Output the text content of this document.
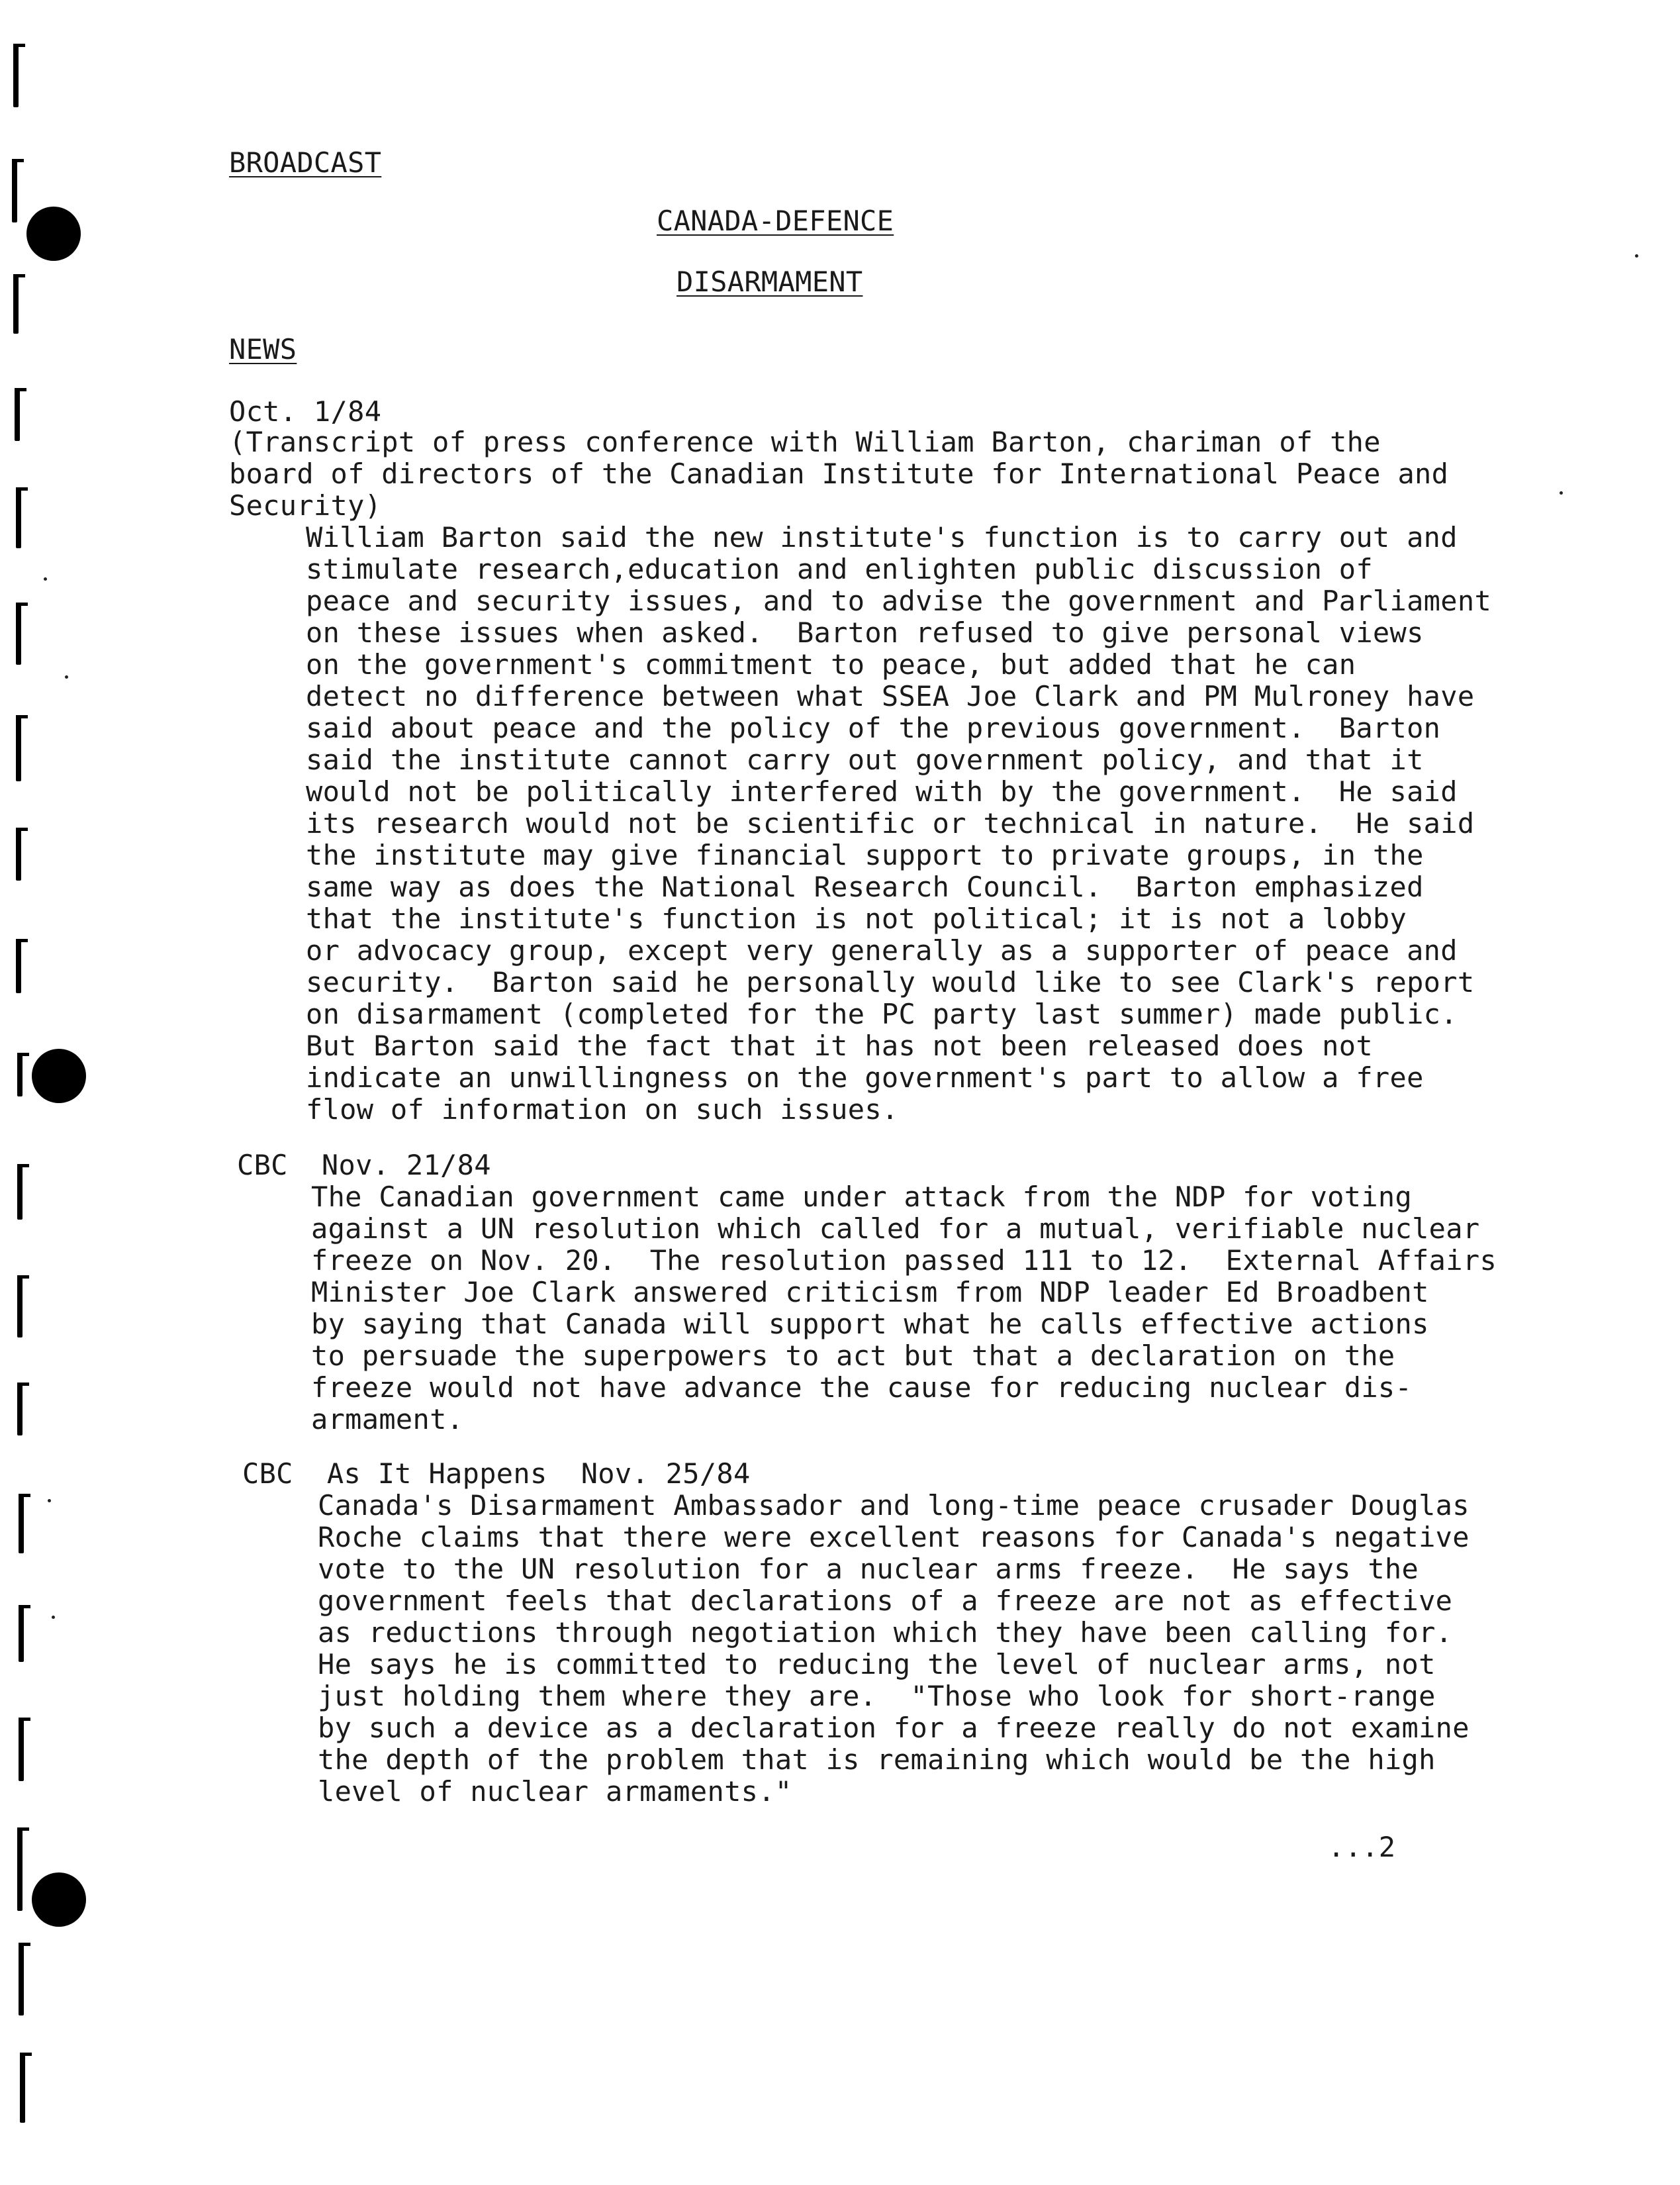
BROADCAST
CANADA-DEFENCE
DISARMAMENT
NEWS
Oct. 1/84
(Transcript of press conference with William Barton, chariman of the
board of directors of the Canadian Institute for International Peace and
Security)
William Barton said the new institute's function is to carry out and
stimulate research,education and enlighten public discussion of
peace and security issues, and to advise the government and Parliament
on these issues when asked.  Barton refused to give personal views
on the government's commitment to peace, but added that he can
detect no difference between what SSEA Joe Clark and PM Mulroney have
said about peace and the policy of the previous government.  Barton
said the institute cannot carry out government policy, and that it
would not be politically interfered with by the government.  He said
its research would not be scientific or technical in nature.  He said
the institute may give financial support to private groups, in the
same way as does the National Research Council.  Barton emphasized
that the institute's function is not political; it is not a lobby
or advocacy group, except very generally as a supporter of peace and
security.  Barton said he personally would like to see Clark's report
on disarmament (completed for the PC party last summer) made public.
But Barton said the fact that it has not been released does not
indicate an unwillingness on the government's part to allow a free
flow of information on such issues.
CBC  Nov. 21/84
The Canadian government came under attack from the NDP for voting
against a UN resolution which called for a mutual, verifiable nuclear
freeze on Nov. 20.  The resolution passed 111 to 12.  External Affairs
Minister Joe Clark answered criticism from NDP leader Ed Broadbent
by saying that Canada will support what he calls effective actions
to persuade the superpowers to act but that a declaration on the
freeze would not have advance the cause for reducing nuclear dis-
armament.
CBC  As It Happens  Nov. 25/84
Canada's Disarmament Ambassador and long-time peace crusader Douglas
Roche claims that there were excellent reasons for Canada's negative
vote to the UN resolution for a nuclear arms freeze.  He says the
government feels that declarations of a freeze are not as effective
as reductions through negotiation which they have been calling for.
He says he is committed to reducing the level of nuclear arms, not
just holding them where they are.  "Those who look for short-range
by such a device as a declaration for a freeze really do not examine
the depth of the problem that is remaining which would be the high
level of nuclear armaments."
...2
